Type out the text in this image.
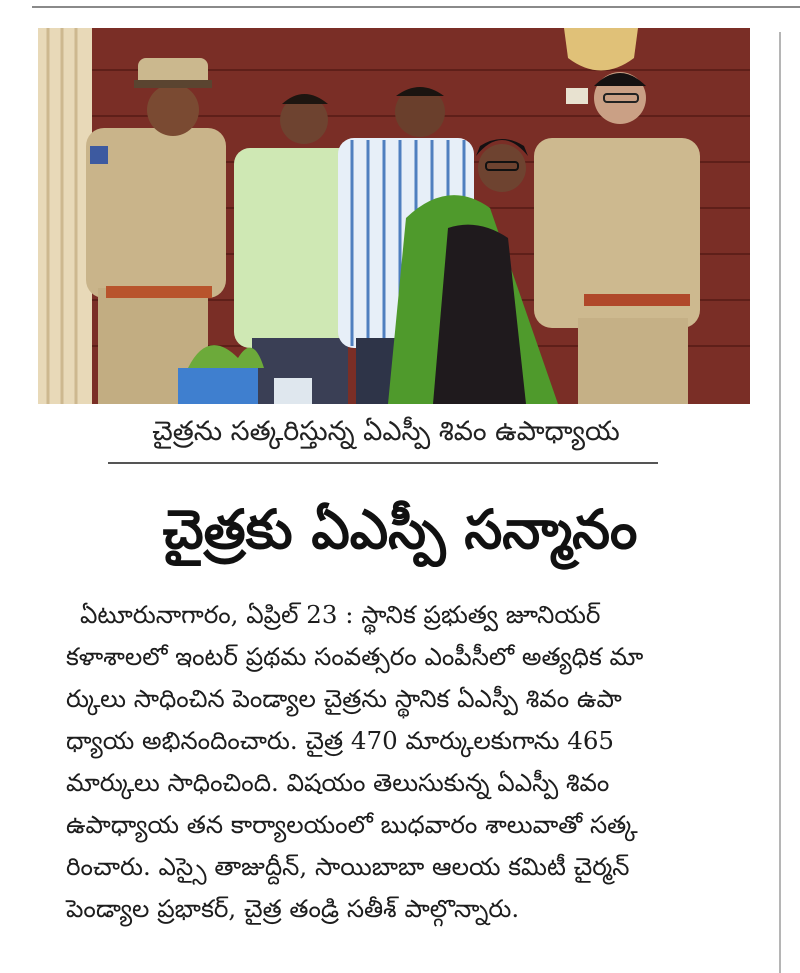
చైత్రను సత్కరిస్తున్న ఏఎస్పీ శివం ఉపాధ్యాయ
చైత్రకు ఏఎస్పీ సన్మానం
ఏటూరునాగారం, ఏప్రిల్ 23 : స్థానిక ప్రభుత్వ జూనియర్
కళాశాలలో ఇంటర్ ప్రథమ సంవత్సరం ఎంపీసీలో అత్యధిక మా
ర్కులు సాధించిన పెండ్యాల చైత్రను స్థానిక ఏఎస్పీ శివం ఉపా
ధ్యాయ అభినందించారు. చైత్ర 470 మార్కులకుగాను 465
మార్కులు సాధించింది. విషయం తెలుసుకున్న ఏఎస్పీ శివం
ఉపాధ్యాయ తన కార్యాలయంలో బుధవారం శాలువాతో సత్క
రించారు. ఎస్సై తాజుద్దీన్, సాయిబాబా ఆలయ కమిటీ చైర్మన్
పెండ్యాల ప్రభాకర్, చైత్ర తండ్రి సతీశ్ పాల్గొన్నారు.
